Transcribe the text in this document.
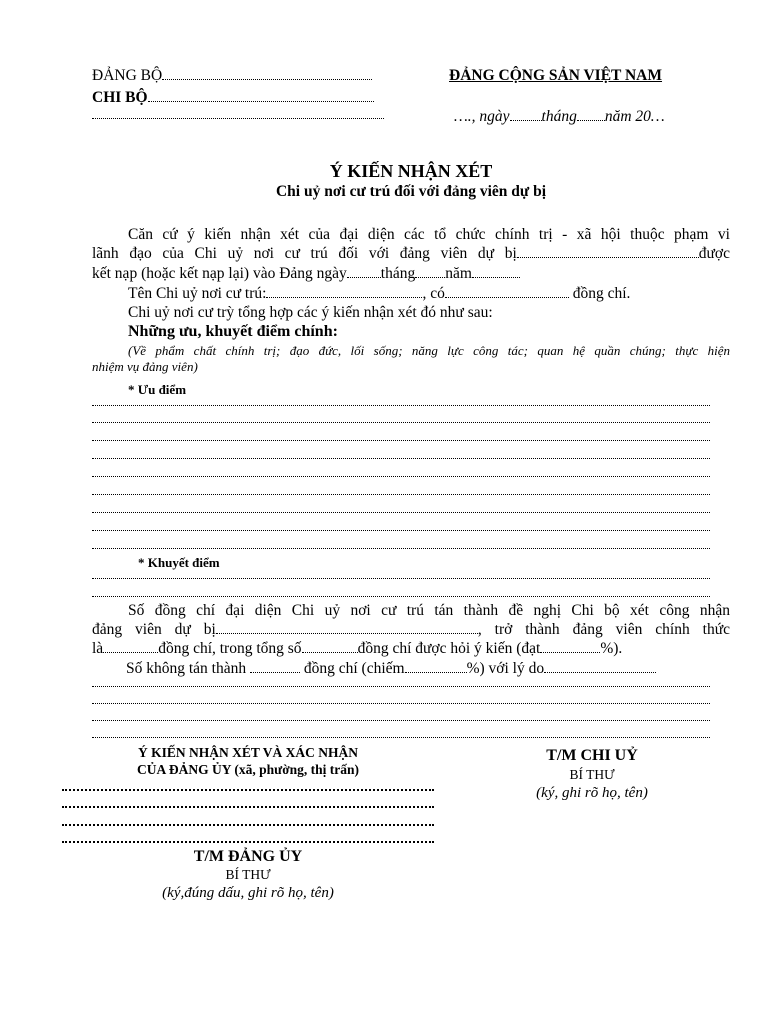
ĐẢNG BỘ
CHI BỘ
ĐẢNG CỘNG SẢN VIỆT NAM
…., ngày tháng năm 20…
Ý KIẾN NHẬN XÉT
Chi uỷ nơi cư trú đối với đảng viên dự bị
Căn cứ ý kiến nhận xét của đại diện các tổ chức chính trị - xã hội thuộc phạm vi
lãnh đạo của Chi uỷ nơi cư trú đối với đảng viên dự bị	được
kết nạp (hoặc kết nạp lại) vào Đảng ngày tháng năm
Tên Chi uỷ nơi cư trú:	, có	đồng chí.
Chi uỷ nơi cư trỳ tổng hợp các ý kiến nhận xét đó như sau:
Những ưu, khuyết điểm chính:
(Về phẩm chất chính trị; đạo đức, lối sống; năng lực công tác; quan hệ quần chúng; thực hiện
nhiệm vụ đảng viên)
* Ưu điểm
* Khuyết điểm
Số đồng chí đại diện Chi uỷ nơi cư trú tán thành đề nghị Chi bộ xét công nhận
đảng viên dự bị	, trở thành đảng viên chính thức
là	đồng chí, trong tổng số	đồng chí được hỏi ý kiến (đạt	%).
Số không tán thành	đồng chí (chiếm	%) với lý do
Ý KIẾN NHẬN XÉT VÀ XÁC NHẬN
CỦA ĐẢNG ỦY (xã, phường, thị trấn)
T/M ĐẢNG ỦY
BÍ THƯ
(ký,đúng dấu, ghi rõ họ, tên)
T/M CHI UỶ
BÍ THƯ
(ký, ghi rõ họ, tên)
